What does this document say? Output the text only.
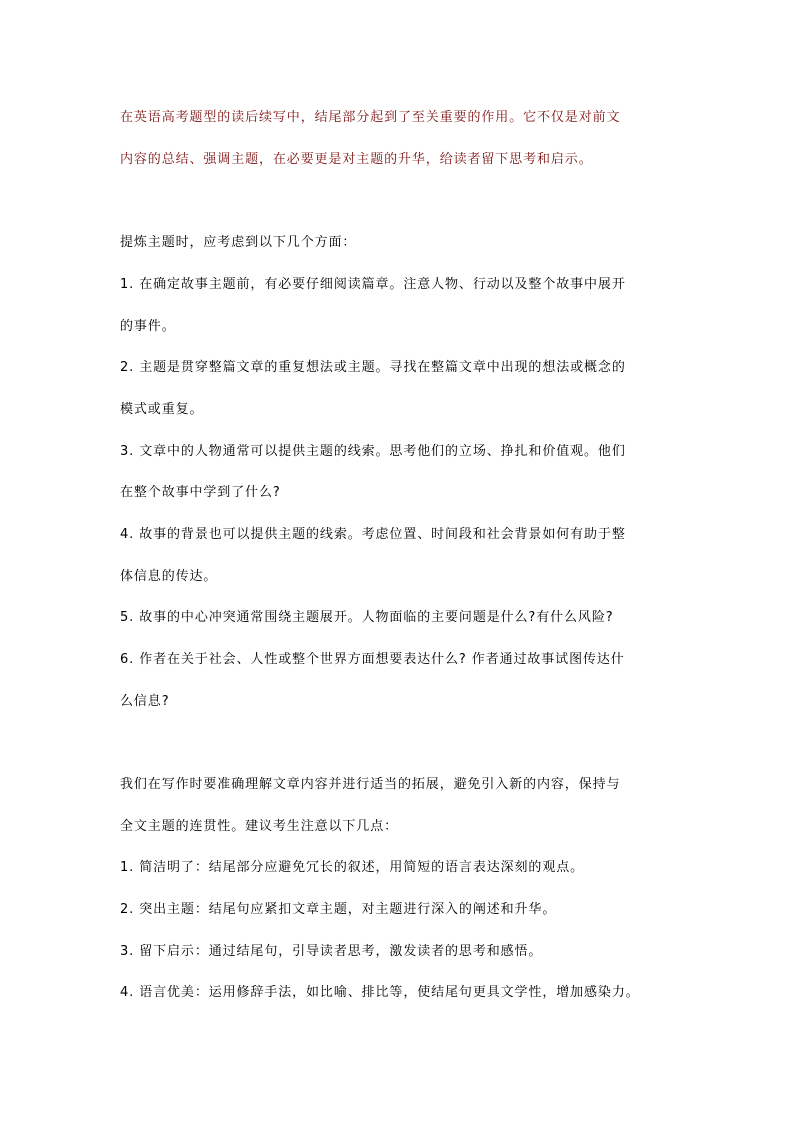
在英语高考题型的读后续写中，结尾部分起到了至关重要的作用。它不仅是对前文
内容的总结、强调主题，在必要更是对主题的升华，给读者留下思考和启示。
提炼主题时，应考虑到以下几个方面：
1. 在确定故事主题前，有必要仔细阅读篇章。注意人物、行动以及整个故事中展开
的事件。
2. 主题是贯穿整篇文章的重复想法或主题。寻找在整篇文章中出现的想法或概念的
模式或重复。
3. 文章中的人物通常可以提供主题的线索。思考他们的立场、挣扎和价值观。他们
在整个故事中学到了什么?
4. 故事的背景也可以提供主题的线索。考虑位置、时间段和社会背景如何有助于整
体信息的传达。
5. 故事的中心冲突通常围绕主题展开。人物面临的主要问题是什么?有什么风险?
6. 作者在关于社会、人性或整个世界方面想要表达什么? 作者通过故事试图传达什
么信息?
我们在写作时要准确理解文章内容并进行适当的拓展，避免引入新的内容，保持与
全文主题的连贯性。建议考生注意以下几点：
1. 简洁明了：结尾部分应避免冗长的叙述，用简短的语言表达深刻的观点。
2. 突出主题：结尾句应紧扣文章主题，对主题进行深入的阐述和升华。
3. 留下启示：通过结尾句，引导读者思考，激发读者的思考和感悟。
4. 语言优美：运用修辞手法，如比喻、排比等，使结尾句更具文学性，增加感染力。
